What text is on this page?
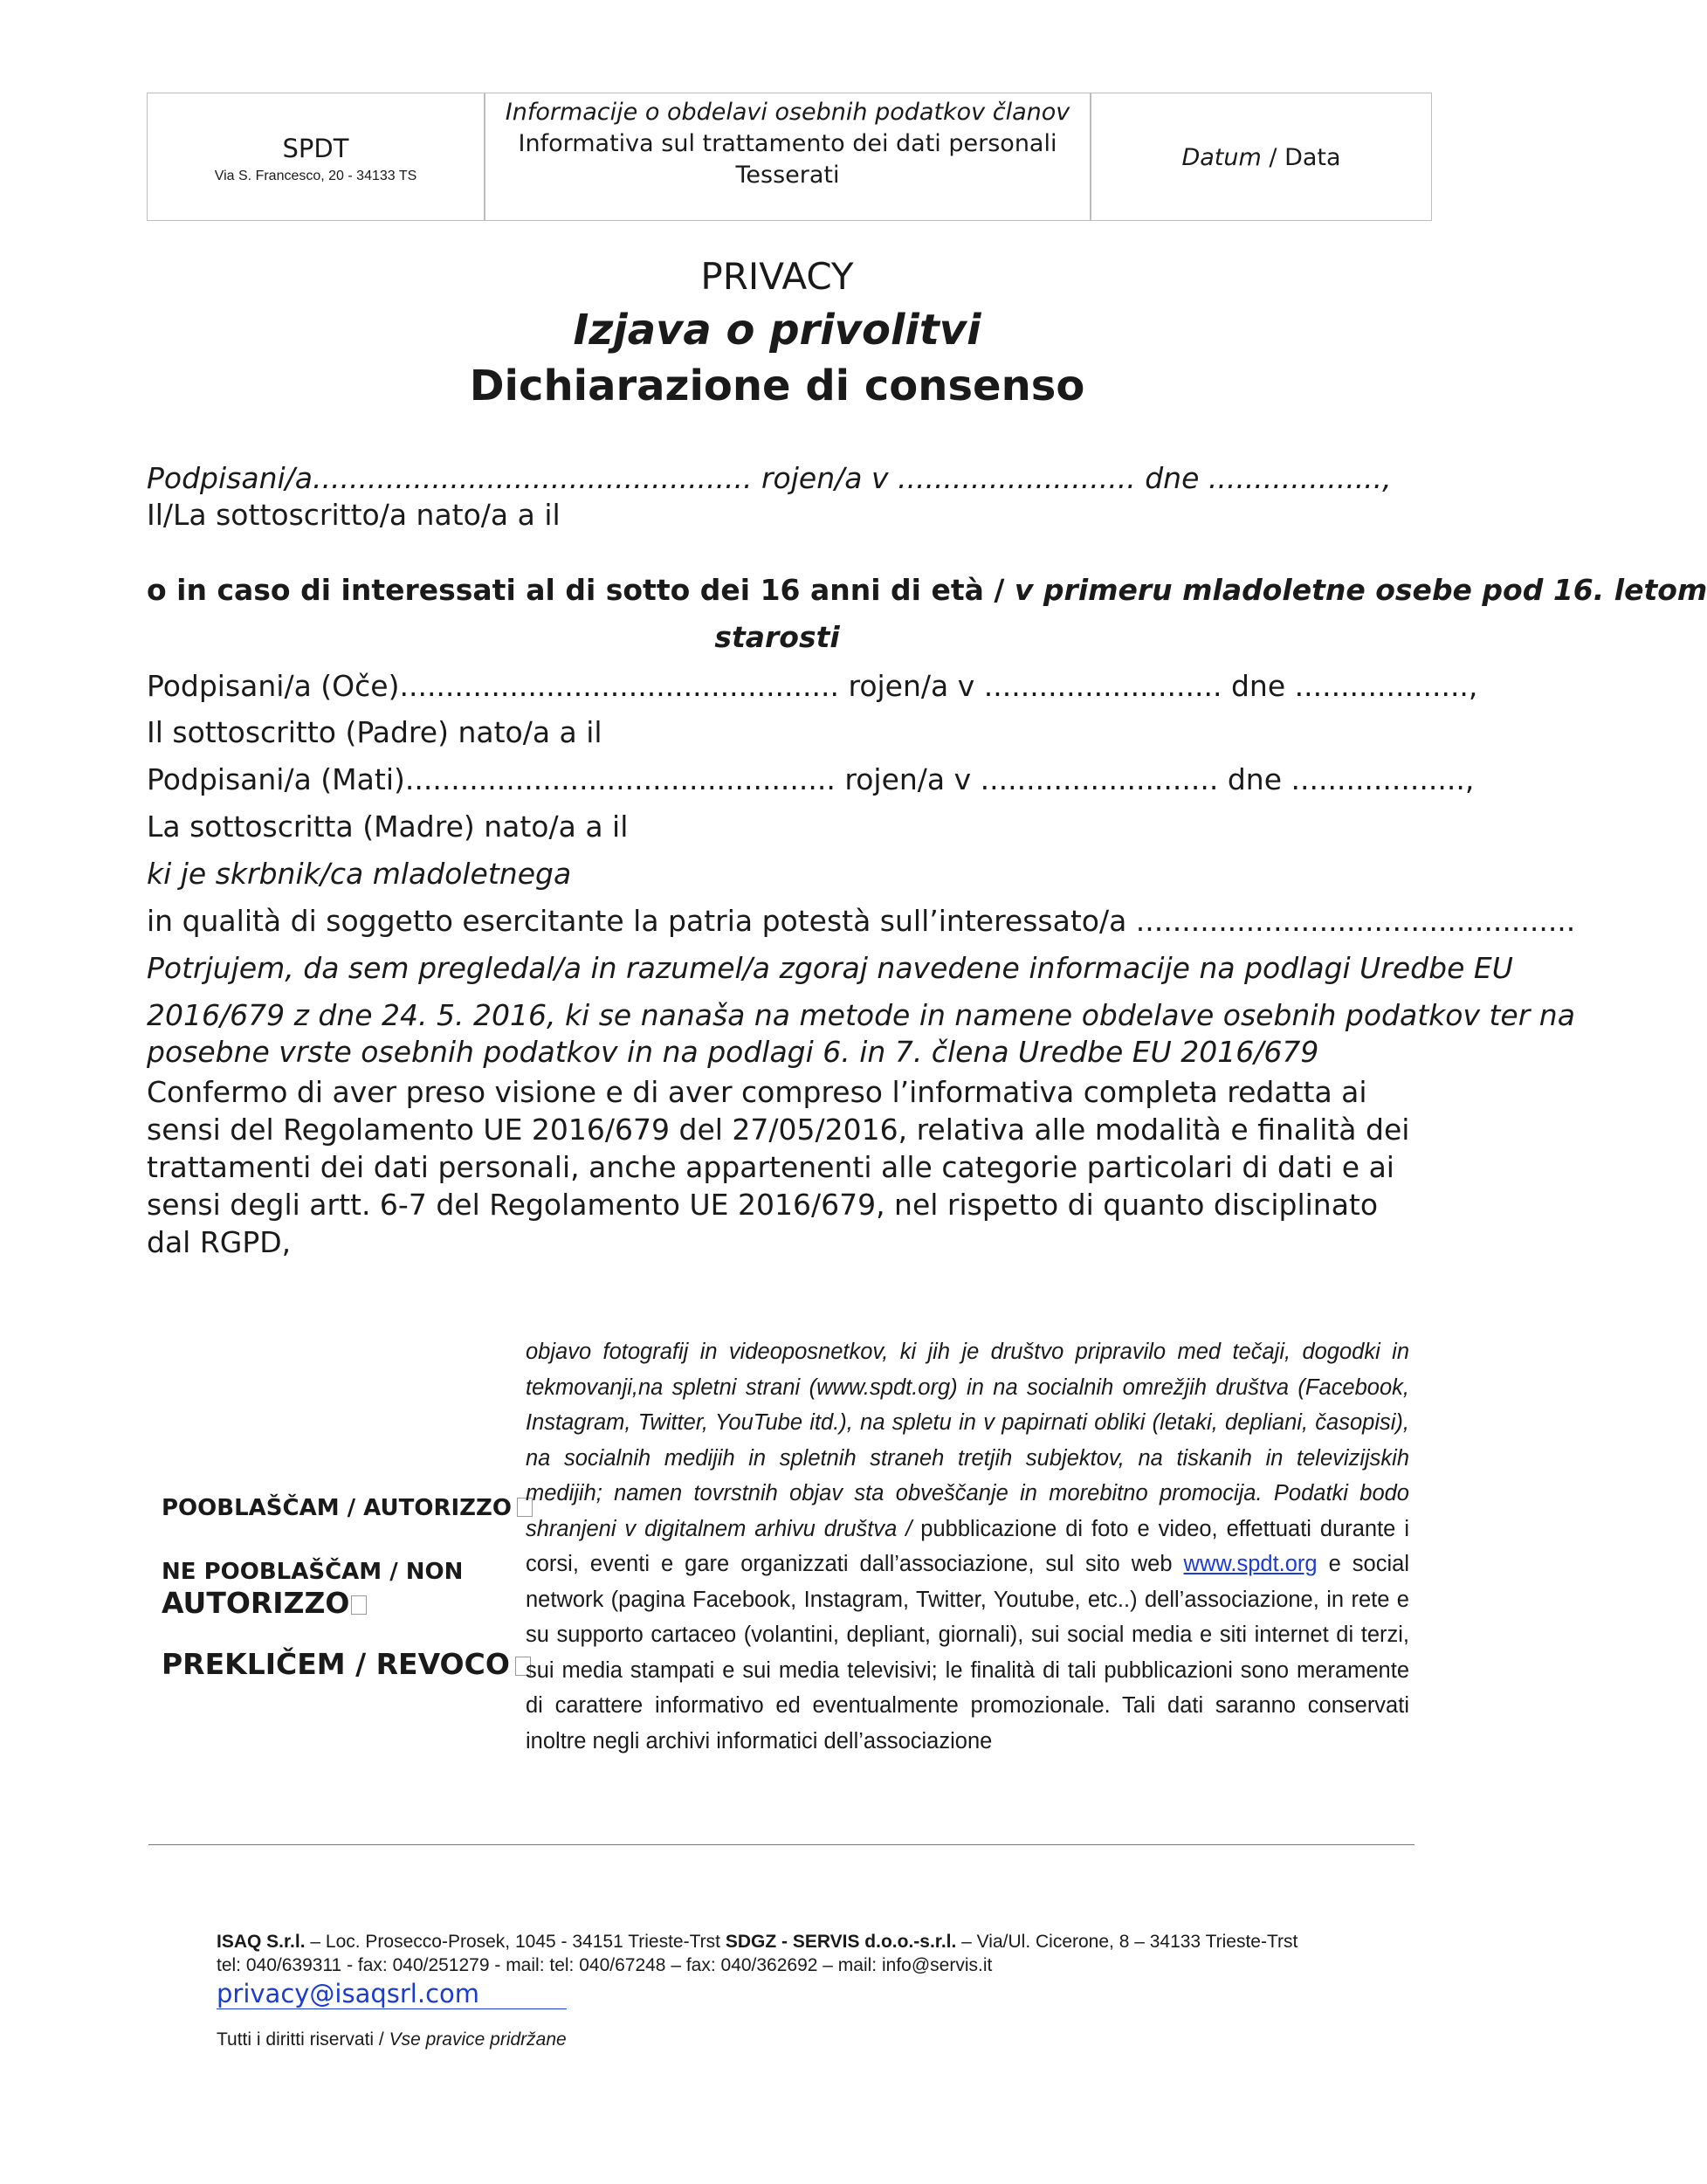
SPDT
Via S. Francesco, 20 - 34133 TS
Informacije o obdelavi osebnih podatkov članov
Informativa sul trattamento dei dati personali
Tesserati
Datum / Data
PRIVACY
Izjava o privolitvi
Dichiarazione di consenso
Podpisani/a................................................ rojen/a v .......................... dne ...................,
Il/La sottoscritto/a nato/a a il
o in caso di interessati al di sotto dei 16 anni di età / v primeru mladoletne osebe pod 16. letom
starosti
Podpisani/a (Oče)................................................ rojen/a v .......................... dne ...................,
Il sottoscritto (Padre) nato/a a il
Podpisani/a (Mati)............................................... rojen/a v .......................... dne ...................,
La sottoscritta (Madre) nato/a a il
ki je skrbnik/ca mladoletnega
in qualità di soggetto esercitante la patria potestà sull’interessato/a ................................................
Potrjujem, da sem pregledal/a in razumel/a zgoraj navedene informacije na podlagi Uredbe EU
2016/679 z dne 24. 5. 2016, ki se nanaša na metode in namene obdelave osebnih podatkov ter na
posebne vrste osebnih podatkov in na podlagi 6. in 7. člena Uredbe EU 2016/679
Confermo di aver preso visione e di aver compreso l’informativa completa redatta ai sensi del Regolamento UE 2016/679 del 27/05/2016, relativa alle modalità e finalità dei trattamenti dei dati personali, anche appartenenti alle categorie particolari di dati e ai sensi degli artt. 6-7 del Regolamento UE 2016/679, nel rispetto di quanto disciplinato dal RGPD,
POOBLAŠČAM / AUTORIZZO
NE POOBLAŠČAM / NON
AUTORIZZO
PREKLIČEM / REVOCO
objavo fotografij in videoposnetkov, ki jih je društvo pripravilo med tečaji, dogodki in tekmovanji,na spletni strani (www.spdt.org) in na socialnih omrežjih društva (Facebook, Instagram, Twitter, YouTube itd.), na spletu in v papirnati obliki (letaki, depliani, časopisi), na socialnih medijih in spletnih straneh tretjih subjektov, na tiskanih in televizijskih medijih; namen tovrstnih objav sta obveščanje in morebitno promocija. Podatki bodo shranjeni v digitalnem arhivu društva / pubblicazione di foto e video, effettuati durante i corsi, eventi e gare organizzati dall’associazione, sul sito web www.spdt.org e social network (pagina Facebook, Instagram, Twitter, Youtube, etc..) dell’associazione, in rete e su supporto cartaceo (volantini, depliant, giornali), sui social media e siti internet di terzi, sui media stampati e sui media televisivi; le finalità di tali pubblicazioni sono meramente di carattere informativo ed eventualmente promozionale. Tali dati saranno conservati inoltre negli archivi informatici dell’associazione
ISAQ S.r.l. – Loc. Prosecco-Prosek, 1045 - 34151 Trieste-Trst SDGZ - SERVIS d.o.o.-s.r.l. – Via/Ul. Cicerone, 8 – 34133 Trieste-Trst
tel: 040/639311 - fax: 040/251279 - mail: tel: 040/67248 – fax: 040/362692 – mail: info@servis.it
privacy@isaqsrl.com
Tutti i diritti riservati / Vse pravice pridržane
